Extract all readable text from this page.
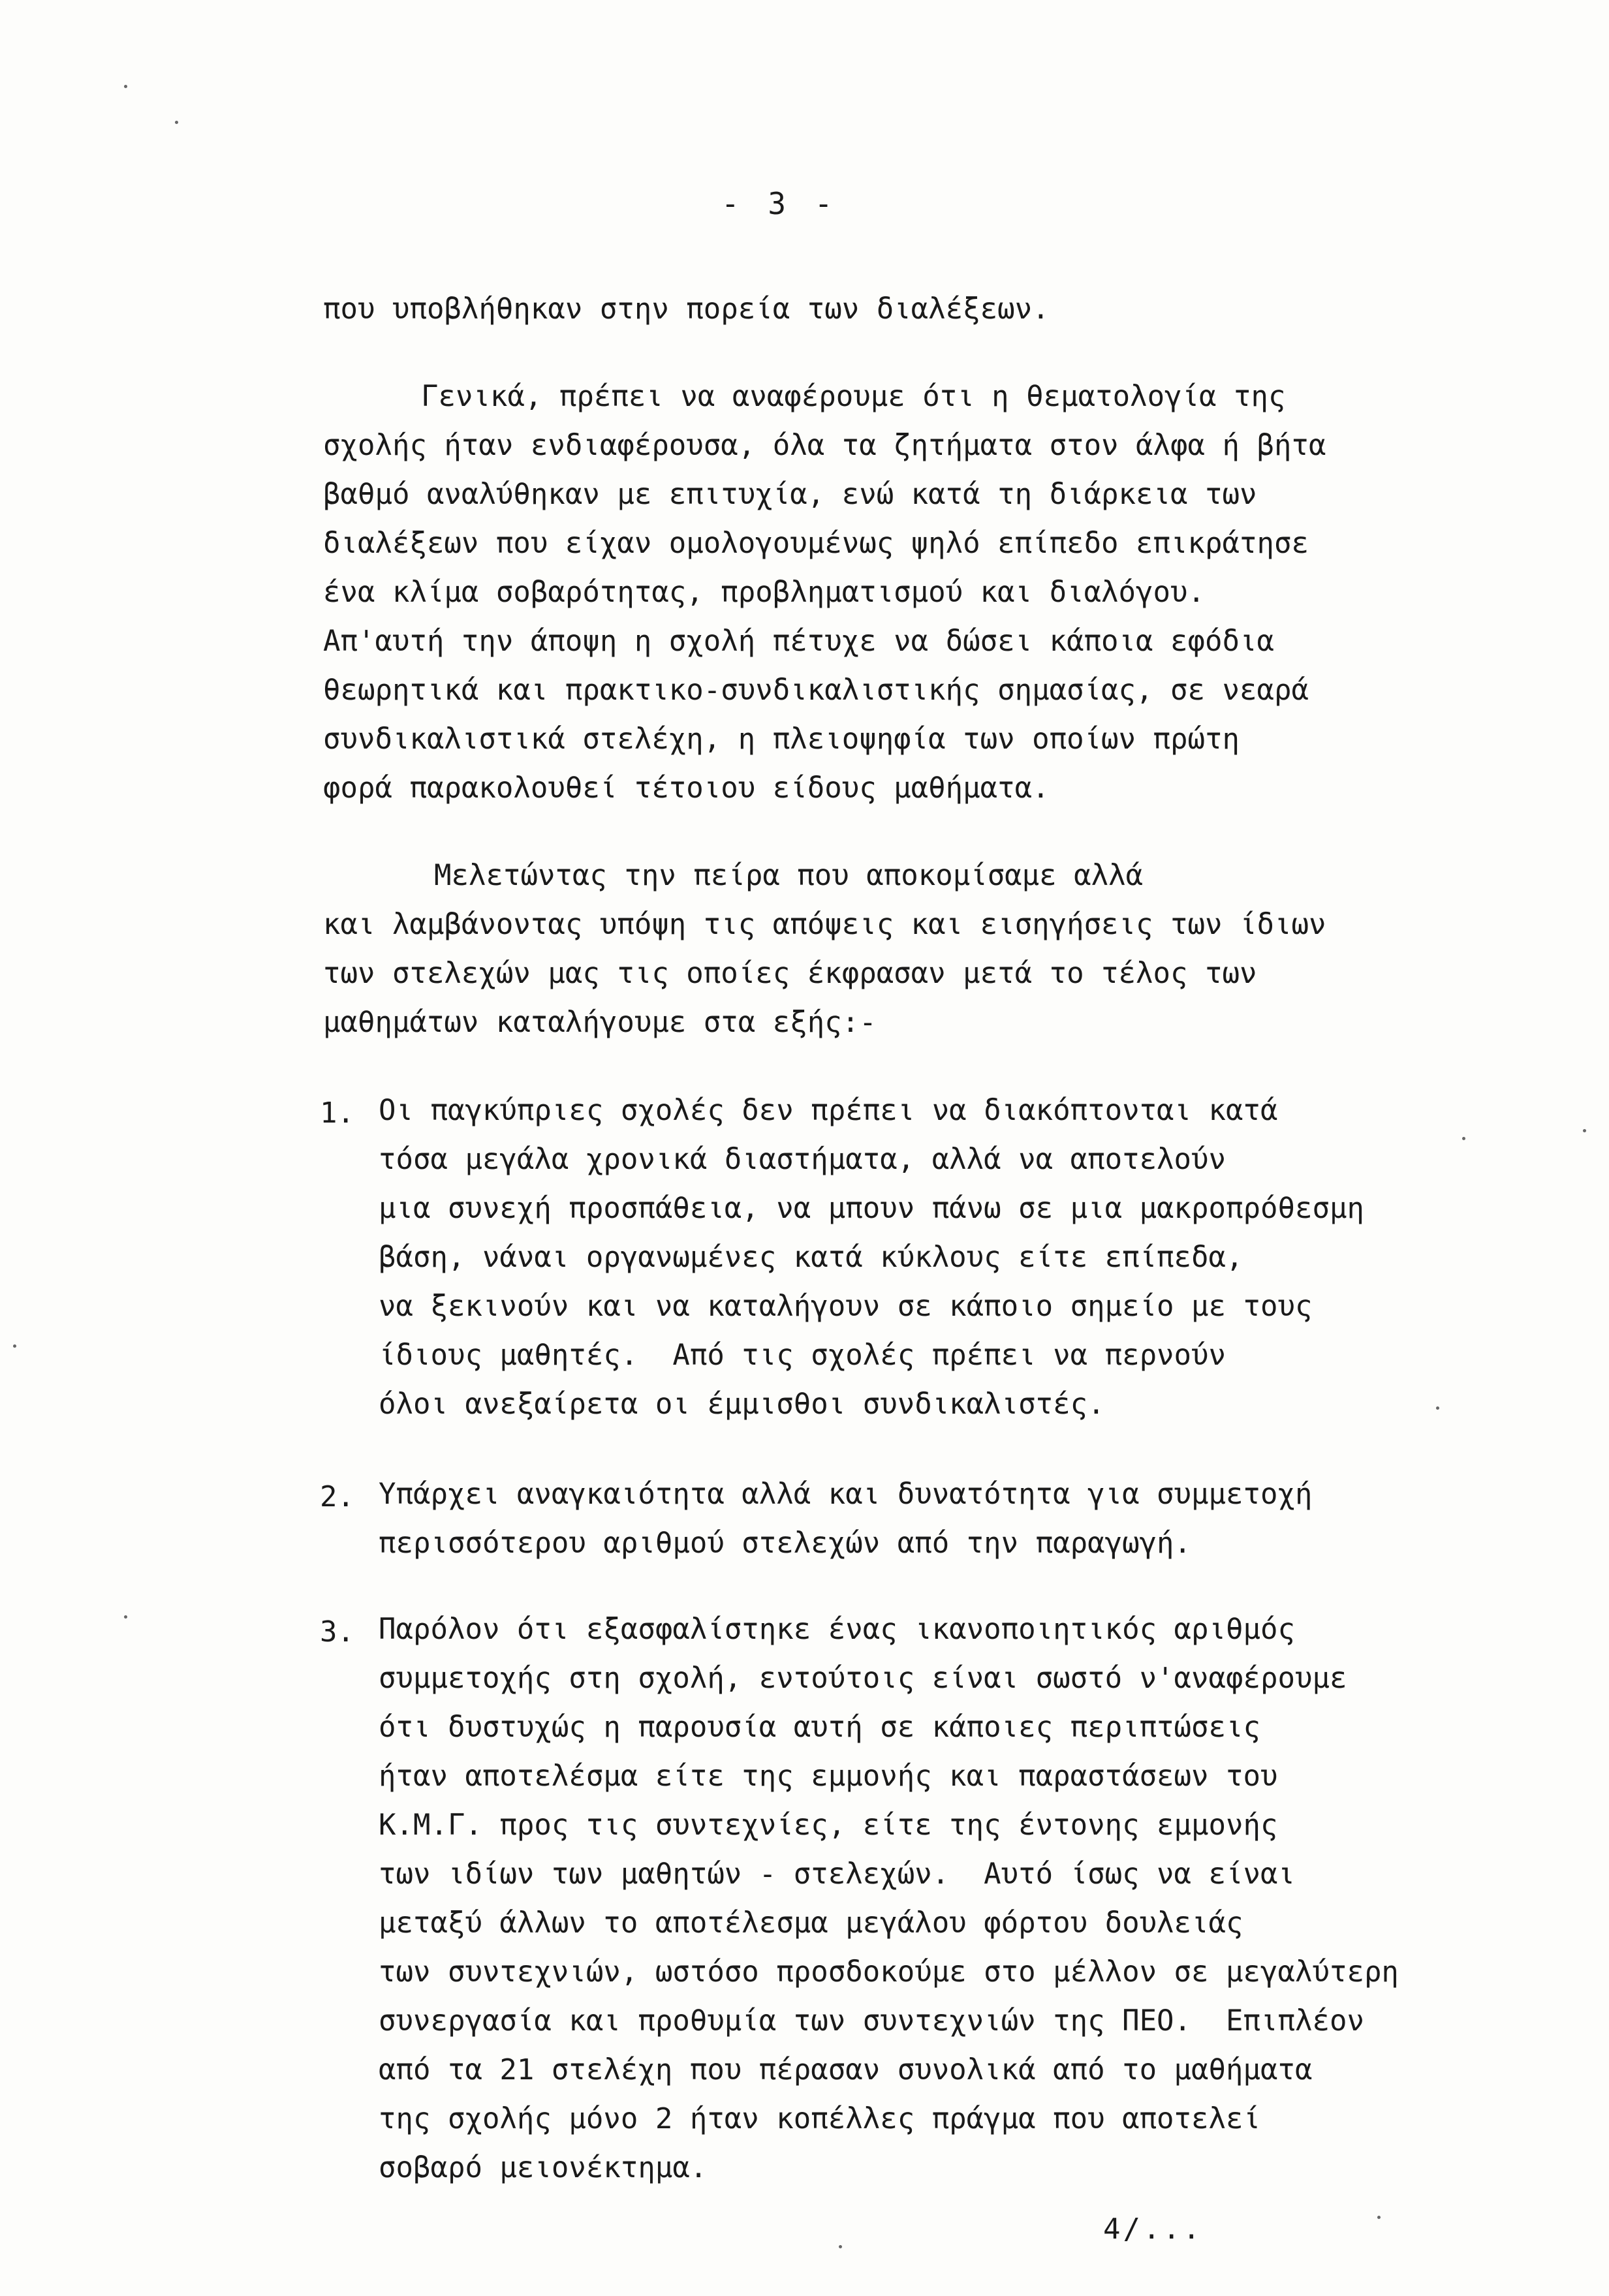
- 3 -
που υποβλήθηκαν στην πορεία των διαλέξεων.
Γενικά, πρέπει να αναφέρουμε ότι η θεματολογία της
σχολής ήταν ενδιαφέρουσα, όλα τα ζητήματα στον άλφα ή βήτα
βαθμό αναλύθηκαν με επιτυχία, ενώ κατά τη διάρκεια των
διαλέξεων που είχαν ομολογουμένως ψηλό επίπεδο επικράτησε
ένα κλίμα σοβαρότητας, προβληματισμού και διαλόγου.
Απ'αυτή την άποψη η σχολή πέτυχε να δώσει κάποια εφόδια
θεωρητικά και πρακτικο-συνδικαλιστικής σημασίας, σε νεαρά
συνδικαλιστικά στελέχη, η πλειοψηφία των οποίων πρώτη
φορά παρακολουθεί τέτοιου είδους μαθήματα.
Μελετώντας την πείρα που αποκομίσαμε αλλά
και λαμβάνοντας υπόψη τις απόψεις και εισηγήσεις των ίδιων
των στελεχών μας τις οποίες έκφρασαν μετά το τέλος των
μαθημάτων καταλήγουμε στα εξής:-
1. Οι παγκύπριες σχολές δεν πρέπει να διακόπτονται κατά
τόσα μεγάλα χρονικά διαστήματα, αλλά να αποτελούν
μια συνεχή προσπάθεια, να μπουν πάνω σε μια μακροπρόθεσμη
βάση, νάναι οργανωμένες κατά κύκλους είτε επίπεδα,
να ξεκινούν και να καταλήγουν σε κάποιο σημείο με τους
ίδιους μαθητές.  Από τις σχολές πρέπει να περνούν
όλοι ανεξαίρετα οι έμμισθοι συνδικαλιστές.
2. Υπάρχει αναγκαιότητα αλλά και δυνατότητα για συμμετοχή
περισσότερου αριθμού στελεχών από την παραγωγή.
3. Παρόλον ότι εξασφαλίστηκε ένας ικανοποιητικός αριθμός
συμμετοχής στη σχολή, εντούτοις είναι σωστό ν'αναφέρουμε
ότι δυστυχώς η παρουσία αυτή σε κάποιες περιπτώσεις
ήταν αποτελέσμα είτε της εμμονής και παραστάσεων του
Κ.Μ.Γ. προς τις συντεχνίες, είτε της έντονης εμμονής
των ιδίων των μαθητών - στελεχών.  Αυτό ίσως να είναι
μεταξύ άλλων το αποτέλεσμα μεγάλου φόρτου δουλειάς
των συντεχνιών, ωστόσο προσδοκούμε στο μέλλον σε μεγαλύτερη
συνεργασία και προθυμία των συντεχνιών της ΠΕΟ.  Επιπλέον
από τα 21 στελέχη που πέρασαν συνολικά από το μαθήματα
της σχολής μόνο 2 ήταν κοπέλλες πράγμα που αποτελεί
σοβαρό μειονέκτημα.
4/...
